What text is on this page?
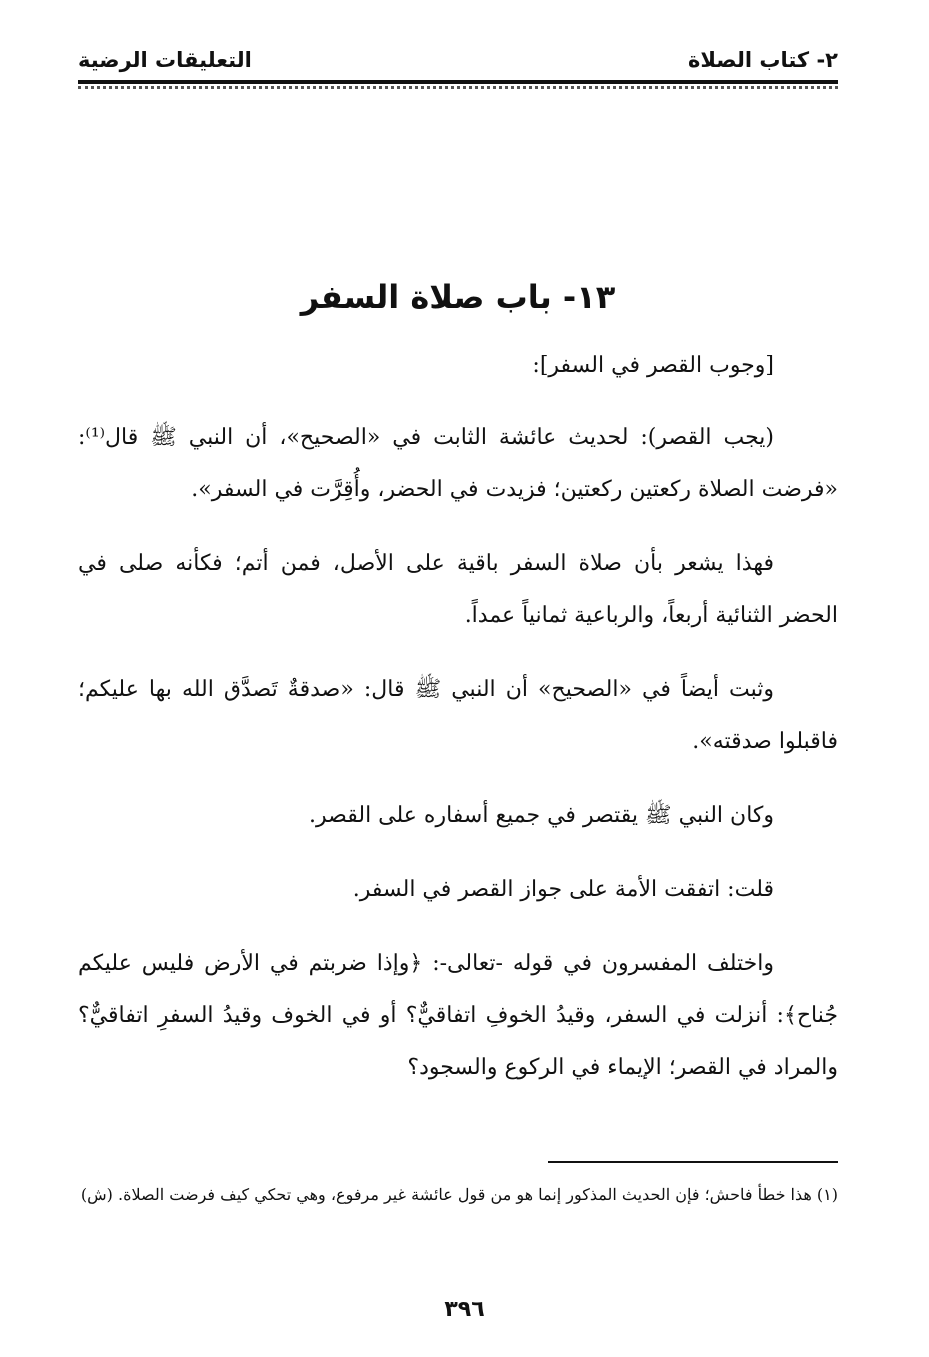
٢- كتاب الصلاة
التعليقات الرضية
١٣- باب صلاة السفر

[وجوب القصر في السفر]:

(يجب القصر): لحديث عائشة الثابت في «الصحيح»، أن النبي ﷺ قال⁽¹⁾: «فرضت الصلاة ركعتين ركعتين؛ فزيدت في الحضر، وأُقِرَّت في السفر».

فهذا يشعر بأن صلاة السفر باقية على الأصل، فمن أتم؛ فكأنه صلى في الحضر الثنائية أربعاً، والرباعية ثمانياً عمداً.

وثبت أيضاً في «الصحيح» أن النبي ﷺ قال: «صدقةٌ تَصدَّق الله بها عليكم؛ فاقبلوا صدقته».

وكان النبي ﷺ يقتصر في جميع أسفاره على القصر.

قلت: اتفقت الأمة على جواز القصر في السفر.

واختلف المفسرون في قوله -تعالى-: ﴿وإذا ضربتم في الأرض فليس عليكم جُناح﴾: أنزلت في السفر، وقيدُ الخوفِ اتفاقيٌّ؟ أو في الخوف وقيدُ السفرِ اتفاقيٌّ؟ والمراد في القصر؛ الإيماء في الركوع والسجود؟

(١) هذا خطأ فاحش؛ فإن الحديث المذكور إنما هو من قول عائشة غير مرفوع، وهي تحكي كيف فرضت الصلاة. (ش)
٣٩٦
